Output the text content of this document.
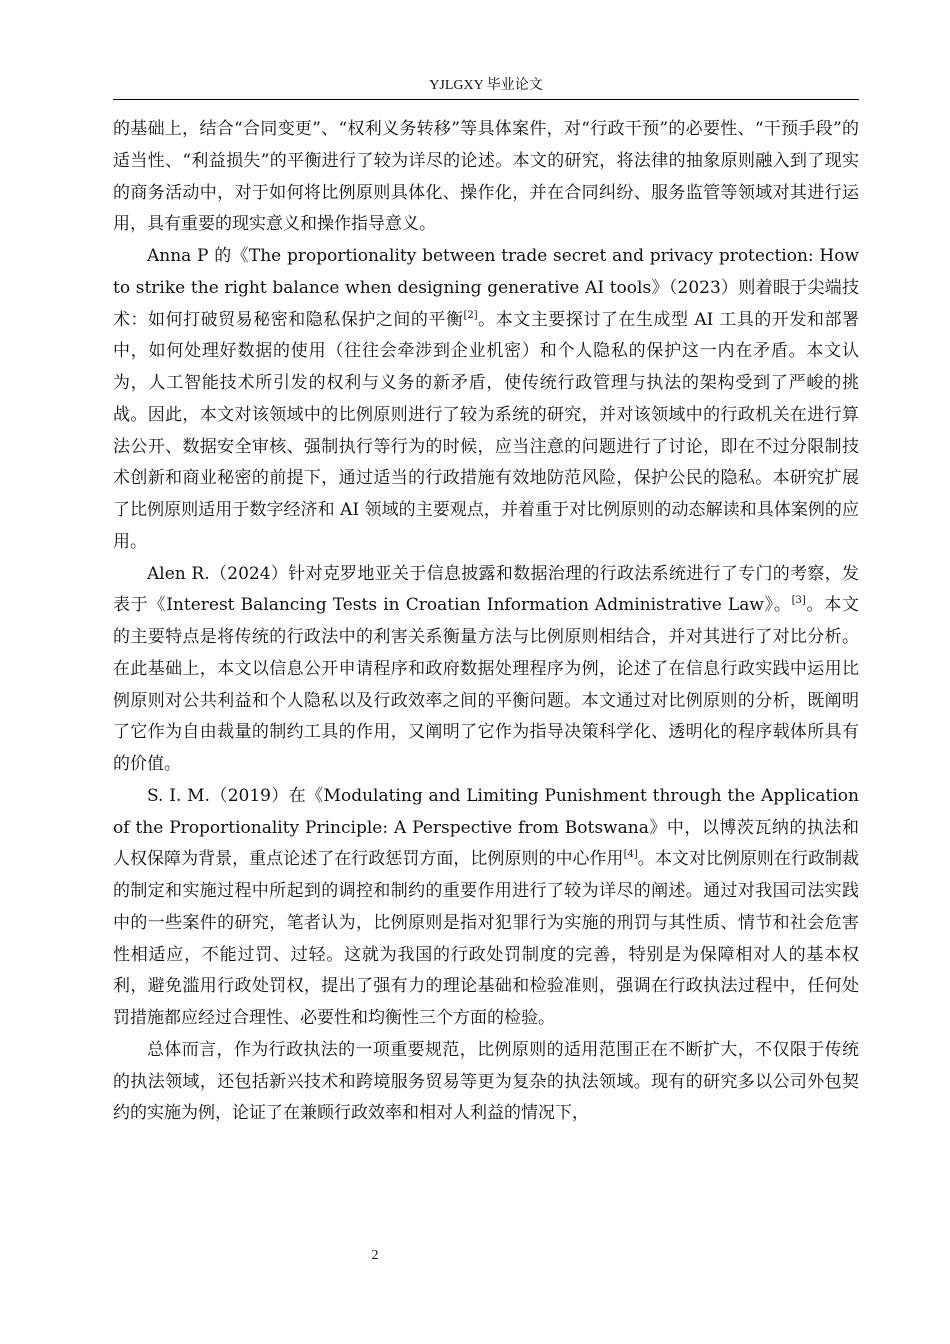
YJLGXY 毕业论文

的基础上，结合“合同变更”、“权利义务转移”等具体案件，对“行政干预”的必要性、“干预手段”的适当性、“利益损失”的平衡进行了较为详尽的论述。本文的研究，将法律的抽象原则融入到了现实的商务活动中，对于如何将比例原则具体化、操作化，并在合同纠纷、服务监管等领域对其进行运用，具有重要的现实意义和操作指导意义。

Anna P 的《The proportionality between trade secret and privacy protection: How to strike the right balance when designing generative AI tools》（2023）则着眼于尖端技术：如何打破贸易秘密和隐私保护之间的平衡[2]。本文主要探讨了在生成型 AI 工具的开发和部署中，如何处理好数据的使用（往往会牵涉到企业机密）和个人隐私的保护这一内在矛盾。本文认为，人工智能技术所引发的权利与义务的新矛盾，使传统行政管理与执法的架构受到了严峻的挑战。因此，本文对该领域中的比例原则进行了较为系统的研究，并对该领域中的行政机关在进行算法公开、数据安全审核、强制执行等行为的时候，应当注意的问题进行了讨论，即在不过分限制技术创新和商业秘密的前提下，通过适当的行政措施有效地防范风险，保护公民的隐私。本研究扩展了比例原则适用于数字经济和 AI 领域的主要观点，并着重于对比例原则的动态解读和具体案例的应用。

Alen R.（2024）针对克罗地亚关于信息披露和数据治理的行政法系统进行了专门的考察，发表于《Interest Balancing Tests in Croatian Information Administrative Law》。[3]。本文的主要特点是将传统的行政法中的利害关系衡量方法与比例原则相结合，并对其进行了对比分析。在此基础上，本文以信息公开申请程序和政府数据处理程序为例，论述了在信息行政实践中运用比例原则对公共利益和个人隐私以及行政效率之间的平衡问题。本文通过对比例原则的分析，既阐明了它作为自由裁量的制约工具的作用，又阐明了它作为指导决策科学化、透明化的程序载体所具有的价值。

S. I. M.（2019）在《Modulating and Limiting Punishment through the Application of the Proportionality Principle: A Perspective from Botswana》中，以博茨瓦纳的执法和人权保障为背景，重点论述了在行政惩罚方面，比例原则的中心作用[4]。本文对比例原则在行政制裁的制定和实施过程中所起到的调控和制约的重要作用进行了较为详尽的阐述。通过对我国司法实践中的一些案件的研究，笔者认为，比例原则是指对犯罪行为实施的刑罚与其性质、情节和社会危害性相适应，不能过罚、过轻。这就为我国的行政处罚制度的完善，特别是为保障相对人的基本权利，避免滥用行政处罚权，提出了强有力的理论基础和检验准则，强调在行政执法过程中，任何处罚措施都应经过合理性、必要性和均衡性三个方面的检验。

总体而言，作为行政执法的一项重要规范，比例原则的适用范围正在不断扩大，不仅限于传统的执法领域，还包括新兴技术和跨境服务贸易等更为复杂的执法领域。现有的研究多以公司外包契约的实施为例，论证了在兼顾行政效率和相对人利益的情况下，

2
